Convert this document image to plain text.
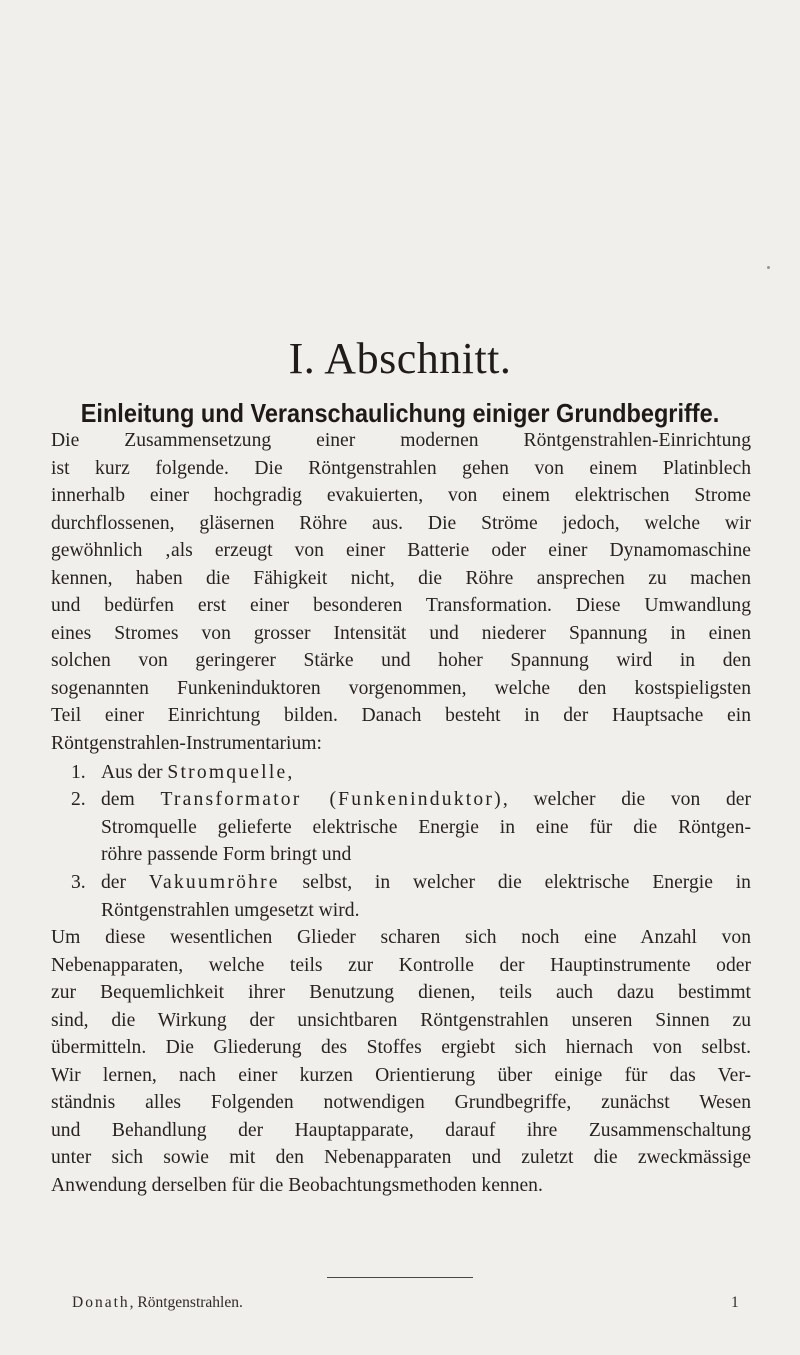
I. Abschnitt.
Einleitung und Veranschaulichung einiger Grundbegriffe.
Die Zusammensetzung einer modernen Röntgenstrahlen-Einrichtung
ist kurz folgende. Die Röntgenstrahlen gehen von einem Platinblech
innerhalb einer hochgradig evakuierten, von einem elektrischen Strome
durchflossenen, gläsernen Röhre aus. Die Ströme jedoch, welche wir
gewöhnlich ‚als erzeugt von einer Batterie oder einer Dynamomaschine
kennen, haben die Fähigkeit nicht, die Röhre ansprechen zu machen
und bedürfen erst einer besonderen Transformation. Diese Umwandlung
eines Stromes von grosser Intensität und niederer Spannung in einen
solchen von geringerer Stärke und hoher Spannung wird in den
sogenannten Funkeninduktoren vorgenommen, welche den kostspieligsten
Teil einer Einrichtung bilden. Danach besteht in der Hauptsache ein
Röntgenstrahlen-Instrumentarium:
1. Aus der Stromquelle,
2. dem Transformator (Funkeninduktor), welcher die von der
Stromquelle gelieferte elektrische Energie in eine für die Röntgen-
röhre passende Form bringt und
3. der Vakuumröhre selbst, in welcher die elektrische Energie in
Röntgenstrahlen umgesetzt wird.
Um diese wesentlichen Glieder scharen sich noch eine Anzahl von
Nebenapparaten, welche teils zur Kontrolle der Hauptinstrumente oder
zur Bequemlichkeit ihrer Benutzung dienen, teils auch dazu bestimmt
sind, die Wirkung der unsichtbaren Röntgenstrahlen unseren Sinnen zu
übermitteln. Die Gliederung des Stoffes ergiebt sich hiernach von selbst.
Wir lernen, nach einer kurzen Orientierung über einige für das Ver-
ständnis alles Folgenden notwendigen Grundbegriffe, zunächst Wesen
und Behandlung der Hauptapparate, darauf ihre Zusammenschaltung
unter sich sowie mit den Nebenapparaten und zuletzt die zweckmässige
Anwendung derselben für die Beobachtungsmethoden kennen.
Donath, Röntgenstrahlen.	1
